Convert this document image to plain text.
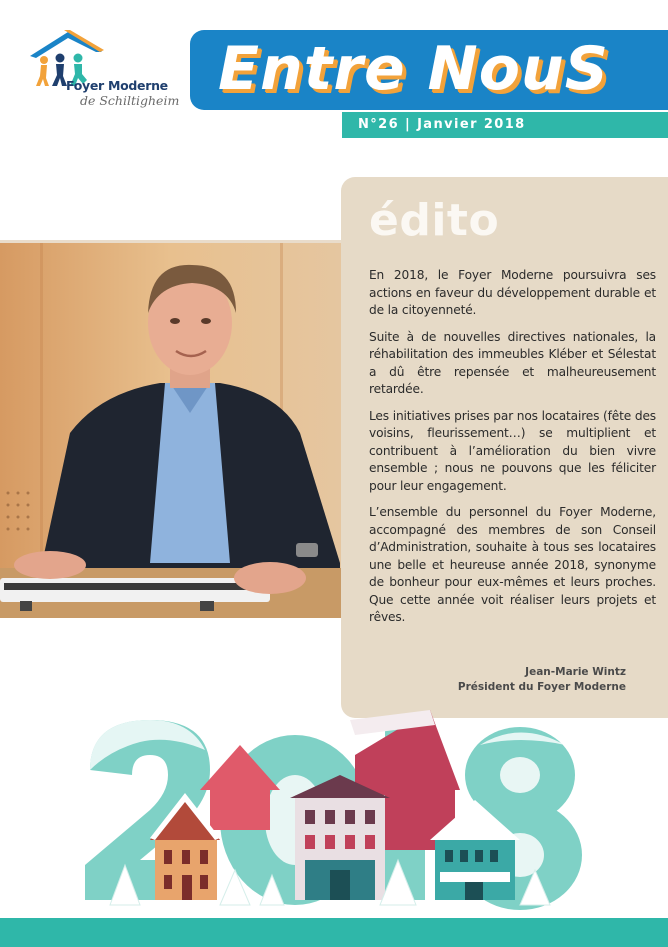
Foyer Moderne
de Schiltigheim Entre NouS
N°26 | Janvier 2018
édito

En 2018, le Foyer Moderne poursuivra ses actions en faveur du développement durable et de la citoyenneté.

Suite à de nouvelles directives nationales, la réhabilitation des immeubles Kléber et Sélestat a dû être repensée et malheureusement retardée.

Les initiatives prises par nos locataires (fête des voisins, fleurissement…) se multiplient et contribuent à l’amélioration du bien vivre ensemble ; nous ne pouvons que les féliciter pour leur engagement.

L’ensemble du personnel du Foyer Moderne, accompagné des membres de son Conseil d’Administration, souhaite à tous ses locataires une belle et heureuse année 2018, synonyme de bonheur pour eux-mêmes et leurs proches. Que cette année voit réaliser leurs projets et rêves.

Jean-Marie Wintz
Président du Foyer Moderne
